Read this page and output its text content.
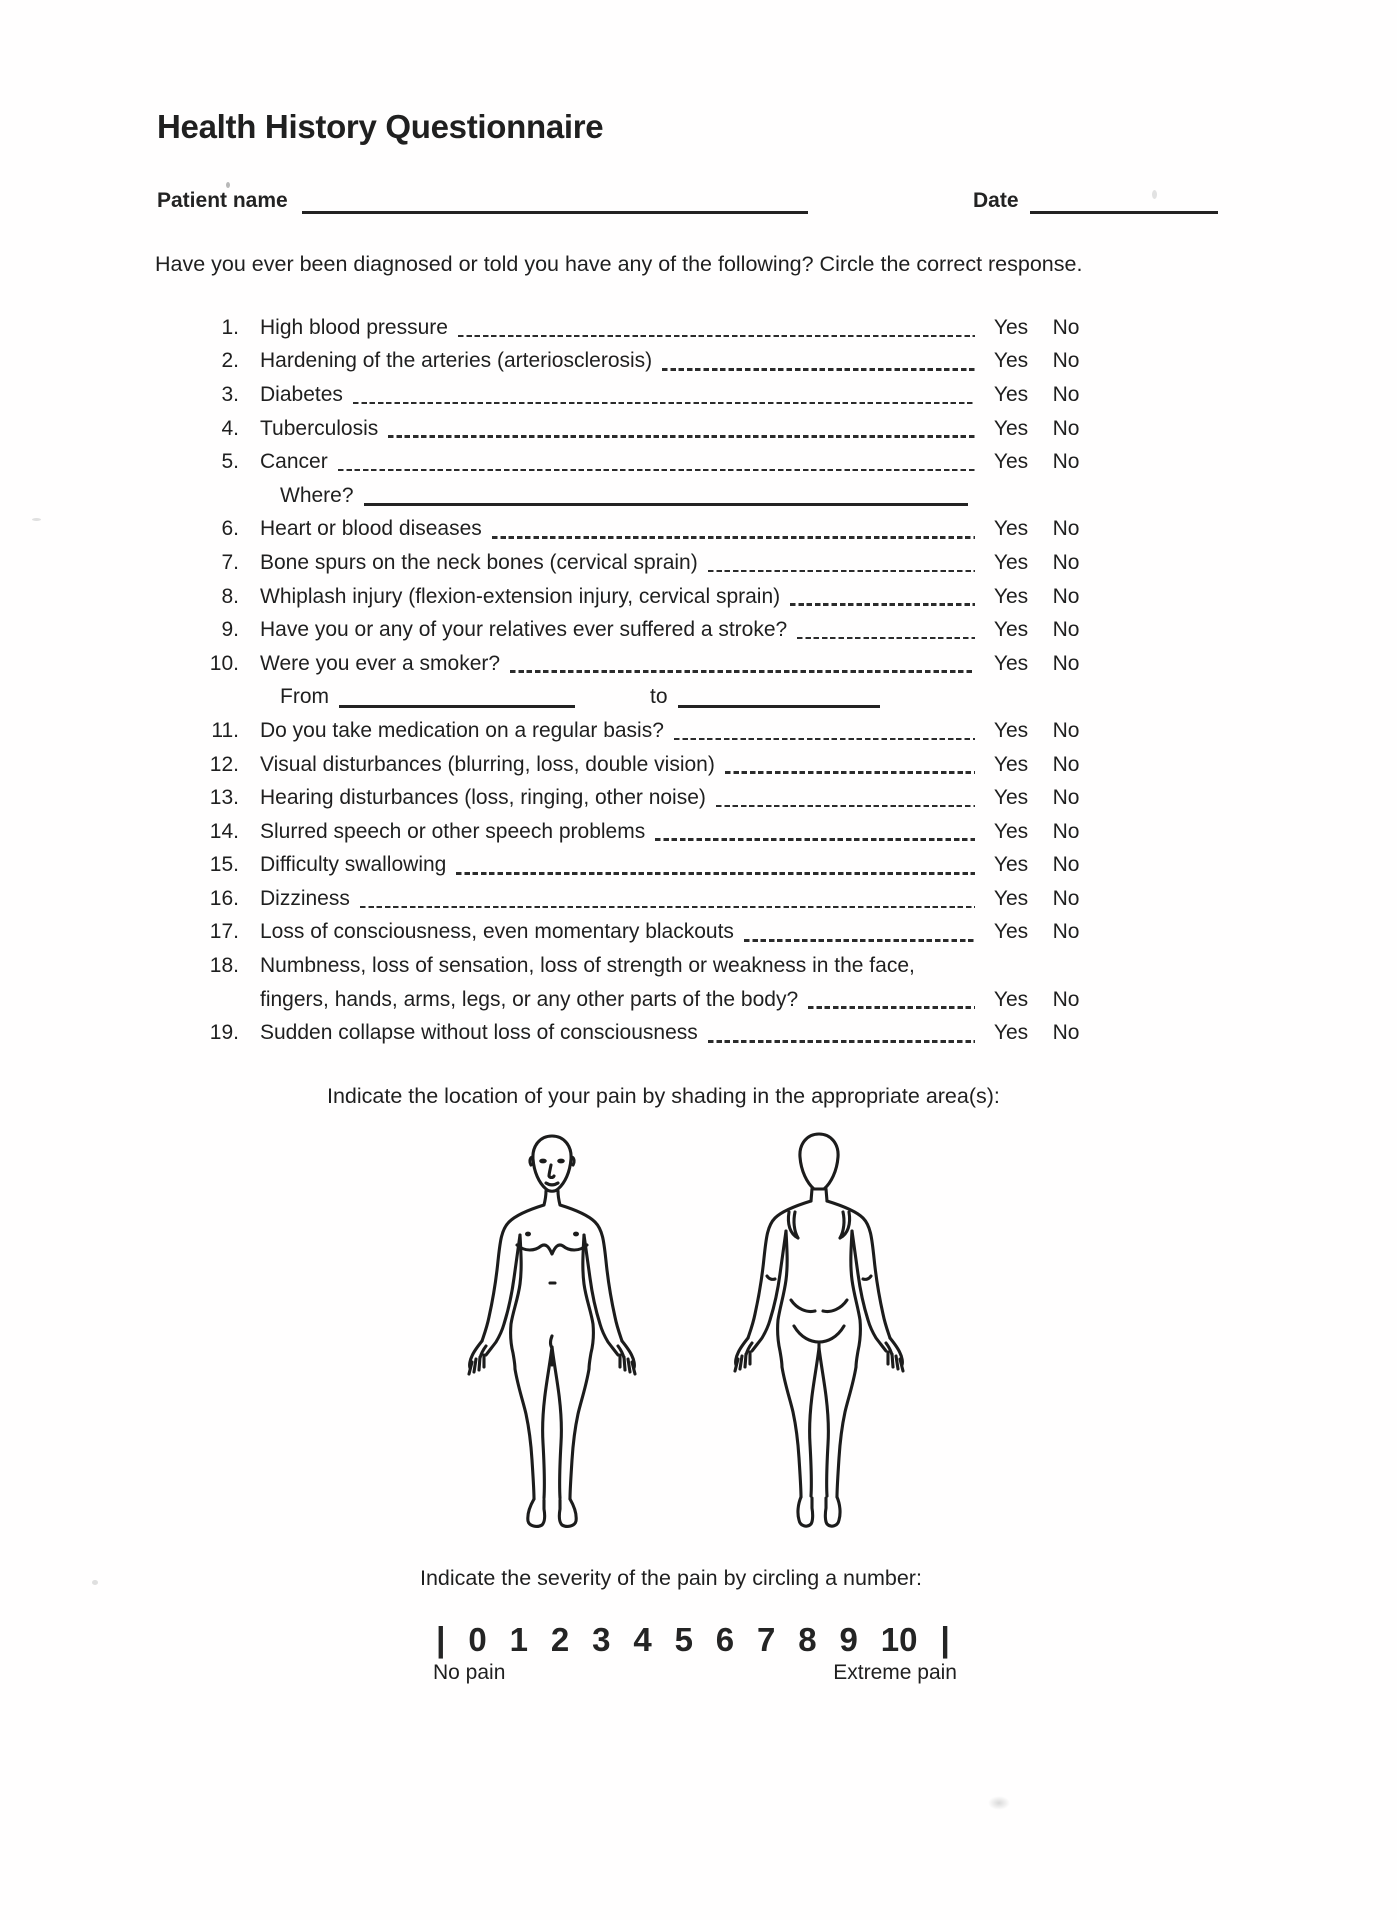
Health History Questionnaire
Patient name	Date

Have you ever been diagnosed or told you have any of the following? Circle the correct response.

1. High blood pressure	Yes	No
2. Hardening of the arteries (arteriosclerosis)	Yes	No
3. Diabetes	Yes	No
4. Tuberculosis	Yes	No
5. Cancer	Yes	No
Where?
6. Heart or blood diseases	Yes	No
7. Bone spurs on the neck bones (cervical sprain)	Yes	No
8. Whiplash injury (flexion-extension injury, cervical sprain)	Yes	No
9. Have you or any of your relatives ever suffered a stroke?	Yes	No
10. Were you ever a smoker?	Yes	No
From	to
11. Do you take medication on a regular basis?	Yes	No
12. Visual disturbances (blurring, loss, double vision)	Yes	No
13. Hearing disturbances (loss, ringing, other noise)	Yes	No
14. Slurred speech or other speech problems	Yes	No
15. Difficulty swallowing	Yes	No
16. Dizziness	Yes	No
17. Loss of consciousness, even momentary blackouts	Yes	No
18. Numbness, loss of sensation, loss of strength or weakness in the face,
fingers, hands, arms, legs, or any other parts of the body?	Yes	No
19. Sudden collapse without loss of consciousness	Yes	No

Indicate the location of your pain by shading in the appropriate area(s):

Indicate the severity of the pain by circling a number:

| 0 1 2 3 4 5 6 7 8 9 10 |
No pain	Extreme pain
